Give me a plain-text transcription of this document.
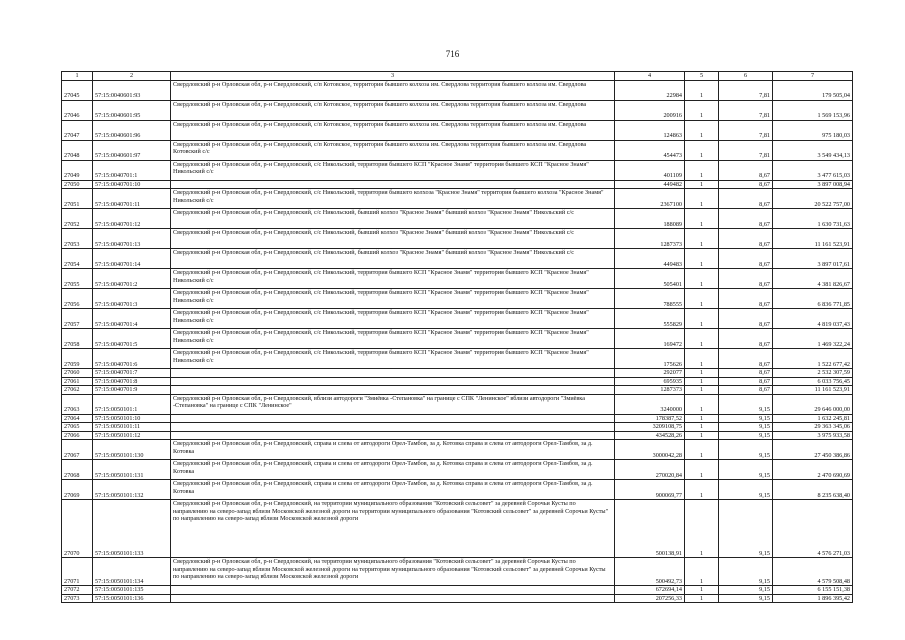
716
1	2	3	4	5	6	7
27045	57:15:0040601:93	Свердловский р-н Орловская обл, р-н Свердловский, с/п Котовское, территория бывшего колхоза им. Свердлова территория бывшего колхоза им. Свердлова	22984	1	7,81	179 505,04
27046	57:15:0040601:95	Свердловский р-н Орловская обл, р-н Свердловский, с/п Котовское, территория бывшего колхоза им. Свердлова территория бывшего колхоза им. Свердлова	200916	1	7,81	1 569 153,96
27047	57:15:0040601:96	Свердловский р-н Орловская обл, р-н Свердловский, с/п Котовское, территория бывшего колхоза им. Свердлова территория бывшего колхоза им. Свердлова	124863	1	7,81	975 180,03
27048	57:15:0040601:97	Свердловский р-н Орловская обл, р-н Свердловский, с/п Котовское, территория бывшего колхоза им. Свердлова территория бывшего колхоза им. Свердлова Котовский с/с	454473	1	7,81	3 549 434,13
27049	57:15:0040701:1	Свердловский р-н Орловская обл, р-н Свердловский, с/с Никольский, территория бывшего КСП "Красное Знамя" территория бывшего КСП "Красное Знамя" Никольский с/с	401109	1	8,67	3 477 615,03
27050	57:15:0040701:10		449482	1	8,67	3 897 008,94
27051	57:15:0040701:11	Свердловский р-н Орловская обл, р-н Свердловский, с/с Никольский, территория бывшего колхоза "Красное Знамя" территория бывшего колхоза "Красное Знамя" Никольский с/с	2367100	1	8,67	20 522 757,00
27052	57:15:0040701:12	Свердловский р-н Орловская обл, р-н Свердловский, с/с Никольский, бывший колхоз "Красное Знамя" бывший колхоз "Красное Знамя" Никольский с/с	188089	1	8,67	1 630 731,63
27053	57:15:0040701:13	Свердловский р-н Орловская обл, р-н Свердловский, с/с Никольский, бывший колхоз "Красное Знамя" бывший колхоз "Красное Знамя" Никольский с/с	1287373	1	8,67	11 161 523,91
27054	57:15:0040701:14	Свердловский р-н Орловская обл, р-н Свердловский, с/с Никольский, бывший колхоз "Красное Знамя" бывший колхоз "Красное Знамя" Никольский с/с	449483	1	8,67	3 897 017,61
27055	57:15:0040701:2	Свердловский р-н Орловская обл, р-н Свердловский, с/с Никольский, территория бывшего КСП "Красное Знамя" территория бывшего КСП "Красное Знамя" Никольский с/с	505401	1	8,67	4 381 826,67
27056	57:15:0040701:3	Свердловский р-н Орловская обл, р-н Свердловский, с/с Никольский, территория бывшего КСП "Красное Знамя" территория бывшего КСП "Красное Знамя" Никольский с/с	788555	1	8,67	6 836 771,85
27057	57:15:0040701:4	Свердловский р-н Орловская обл, р-н Свердловский, с/с Никольский, территория бывшего КСП "Красное Знамя" территория бывшего КСП "Красное Знамя" Никольский с/с	555829	1	8,67	4 819 037,43
27058	57:15:0040701:5	Свердловский р-н Орловская обл, р-н Свердловский, с/с Никольский, территория бывшего КСП "Красное Знамя" территория бывшего КСП "Красное Знамя" Никольский с/с	169472	1	8,67	1 469 322,24
27059	57:15:0040701:6	Свердловский р-н Орловская обл, р-н Свердловский, с/с Никольский, территория бывшего КСП "Красное Знамя" территория бывшего КСП "Красное Знамя" Никольский с/с	175626	1	8,67	1 522 677,42
27060	57:15:0040701:7		292077	1	8,67	2 532 307,59
27061	57:15:0040701:8		695935	1	8,67	6 033 756,45
27062	57:15:0040701:9		1287373	1	8,67	11 161 523,91
27063	57:15:0050101:1	Свердловский р-н Орловская обл, р-н Свердловский, вблизи автодороги "Змиёвка -Степановка" на границе с СПК "Ленинское" вблизи автодороги "Змиёвка -Степановка" на границе с СПК "Ленинское"	3240000	1	9,15	29 646 000,00
27064	57:15:0050101:10		178387,52	1	9,15	1 632 245,81
27065	57:15:0050101:11		3209108,75	1	9,15	29 363 345,06
27066	57:15:0050101:12		434528,26	1	9,15	3 975 933,58
27067	57:15:0050101:130	Свердловский р-н Орловская обл, р-н Свердловский, справа и слева от автодороги Орел-Тамбов, за д. Котовка справа и слева от автодороги Орел-Тамбов, за д. Котовка	3000042,28	1	9,15	27 450 386,86
27068	57:15:0050101:131	Свердловский р-н Орловская обл, р-н Свердловский, справа и слева от автодороги Орел-Тамбов, за д. Котовка справа и слева от автодороги Орел-Тамбов, за д. Котовка	270020,84	1	9,15	2 470 690,69
27069	57:15:0050101:132	Свердловский р-н Орловская обл, р-н Свердловский, справа и слева от автодороги Орел-Тамбов, за д. Котовка справа и слева от автодороги Орел-Тамбов, за д. Котовка	900069,77	1	9,15	8 235 638,40
27070	57:15:0050101:133	Свердловский р-н Орловская обл, р-н Свердловский, на территории муниципального образования "Котовский сельсовет" за деревней Сорочьи Кусты по направлению на северо-запад вблизи Московской железной дороги на территории муниципального образования "Котовский сельсовет" за деревней Сорочьи Кусты" по направлению на северо-запад вблизи Московской железной дороги	500138,91	1	9,15	4 576 271,03
27071	57:15:0050101:134	Свердловский р-н Орловская обл, р-н Свердловский, на территории муниципального образования "Котовский сельсовет" за деревней Сорочьи Кусты по направлению на северо-запад вблизи Московской железной дороги на территории муниципального образования "Котовский сельсовет" за деревней Сорочьи Кусты по направлению на северо-запад вблизи Московской железной дороги	500492,73	1	9,15	4 579 508,48
27072	57:15:0050101:135		672694,14	1	9,15	6 155 151,38
27073	57:15:0050101:136		207256,33	1	9,15	1 896 395,42
